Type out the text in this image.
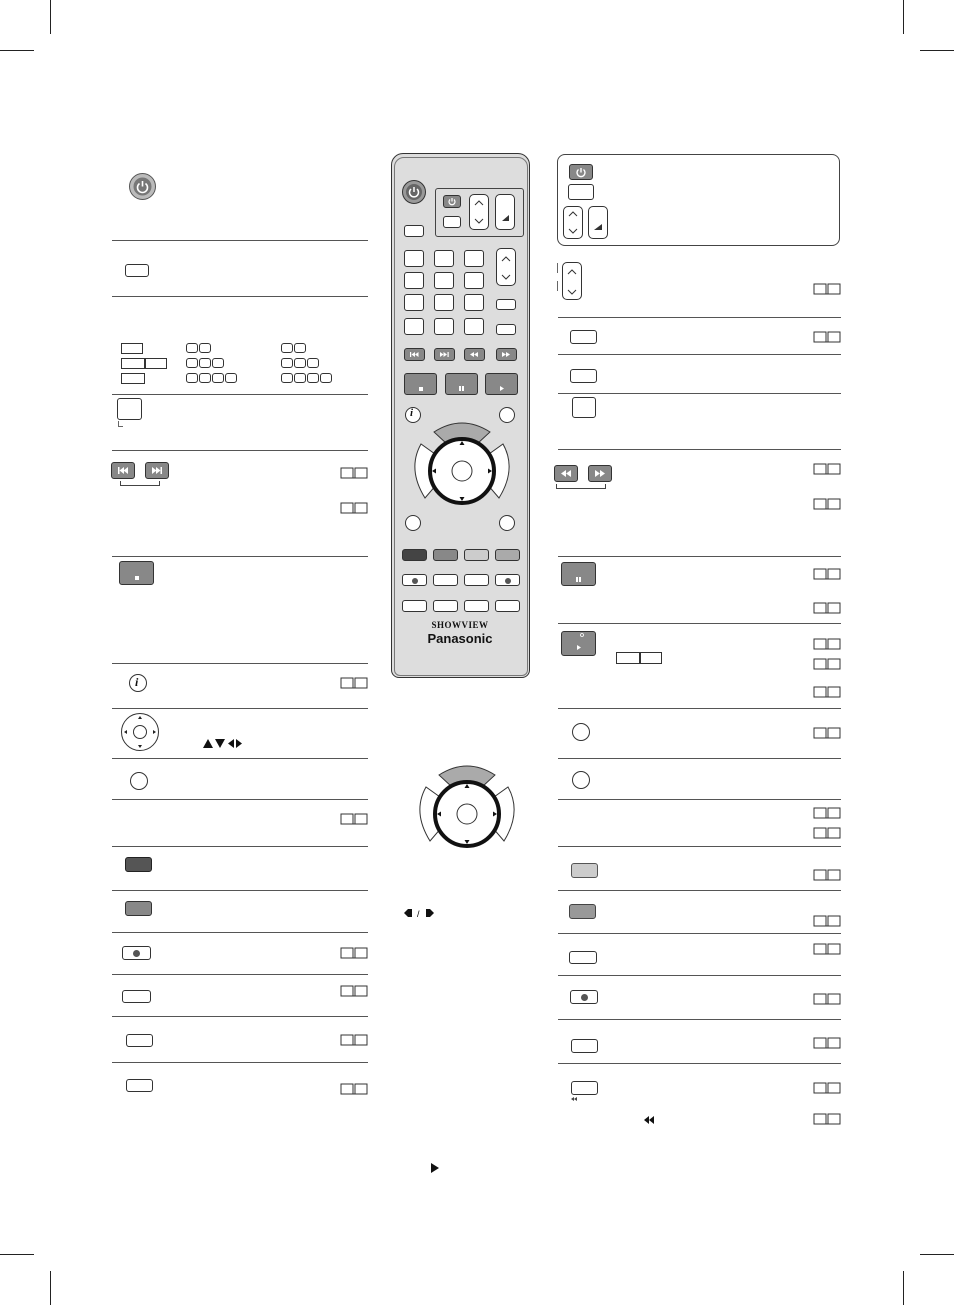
i
i
SHOWVIEW
Panasonic
/
